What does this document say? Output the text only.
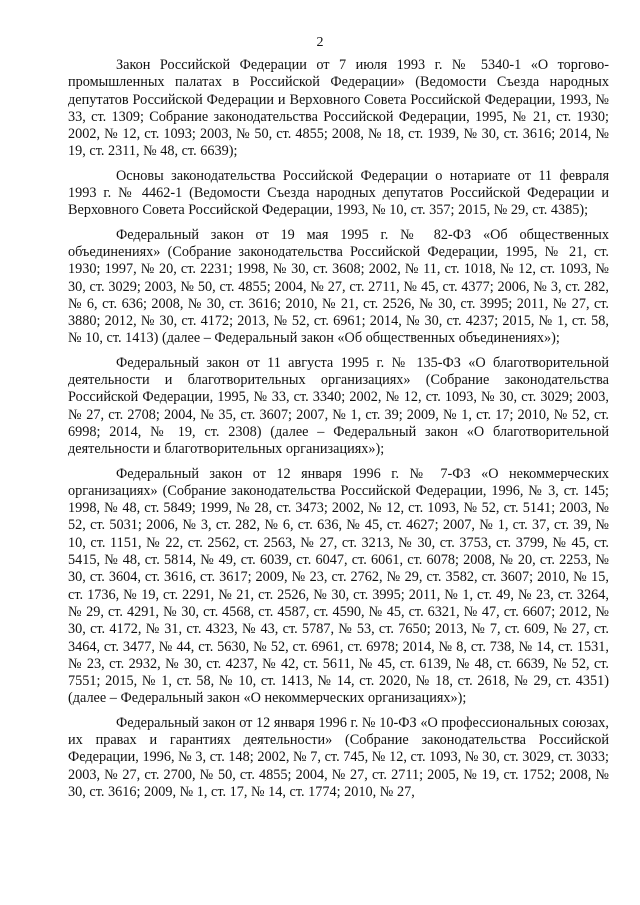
2

Закон Российской Федерации от 7 июля 1993 г. № 5340-1 «О торгово-промышленных палатах в Российской Федерации» (Ведомости Съезда народных депутатов Российской Федерации и Верховного Совета Российской Федерации, 1993, № 33, ст. 1309; Собрание законодательства Российской Федерации, 1995, № 21, ст. 1930; 2002, № 12, ст. 1093; 2003, № 50, ст. 4855; 2008, № 18, ст. 1939, № 30, ст. 3616; 2014, № 19, ст. 2311, № 48, ст. 6639);

Основы законодательства Российской Федерации о нотариате от 11 февраля 1993 г. № 4462-1 (Ведомости Съезда народных депутатов Российской Федерации и Верховного Совета Российской Федерации, 1993, № 10, ст. 357; 2015, № 29, ст. 4385);

Федеральный закон от 19 мая 1995 г. № 82-ФЗ «Об общественных объединениях» (Собрание законодательства Российской Федерации, 1995, № 21, ст. 1930; 1997, № 20, ст. 2231; 1998, № 30, ст. 3608; 2002, № 11, ст. 1018, № 12, ст. 1093, № 30, ст. 3029; 2003, № 50, ст. 4855; 2004, № 27, ст. 2711, № 45, ст. 4377; 2006, № 3, ст. 282, № 6, ст. 636; 2008, № 30, ст. 3616; 2010, № 21, ст. 2526, № 30, ст. 3995; 2011, № 27, ст. 3880; 2012, № 30, ст. 4172; 2013, № 52, ст. 6961; 2014, № 30, ст. 4237; 2015, № 1, ст. 58, № 10, ст. 1413) (далее – Федеральный закон «Об общественных объединениях»);

Федеральный закон от 11 августа 1995 г. № 135-ФЗ «О благотворительной деятельности и благотворительных организациях» (Собрание законодательства Российской Федерации, 1995, № 33, ст. 3340; 2002, № 12, ст. 1093, № 30, ст. 3029; 2003, № 27, ст. 2708; 2004, № 35, ст. 3607; 2007, № 1, ст. 39; 2009, № 1, ст. 17; 2010, № 52, ст. 6998; 2014, № 19, ст. 2308) (далее – Федеральный закон «О благотворительной деятельности и благотворительных организациях»);

Федеральный закон от 12 января 1996 г. № 7-ФЗ «О некоммерческих организациях» (Собрание законодательства Российской Федерации, 1996, № 3, ст. 145; 1998, № 48, ст. 5849; 1999, № 28, ст. 3473; 2002, № 12, ст. 1093, № 52, ст. 5141; 2003, № 52, ст. 5031; 2006, № 3, ст. 282, № 6, ст. 636, № 45, ст. 4627; 2007, № 1, ст. 37, ст. 39, № 10, ст. 1151, № 22, ст. 2562, ст. 2563, № 27, ст. 3213, № 30, ст. 3753, ст. 3799, № 45, ст. 5415, № 48, ст. 5814, № 49, ст. 6039, ст. 6047, ст. 6061, ст. 6078; 2008, № 20, ст. 2253, № 30, ст. 3604, ст. 3616, ст. 3617; 2009, № 23, ст. 2762, № 29, ст. 3582, ст. 3607; 2010, № 15, ст. 1736, № 19, ст. 2291, № 21, ст. 2526, № 30, ст. 3995; 2011, № 1, ст. 49, № 23, ст. 3264, № 29, ст. 4291, № 30, ст. 4568, ст. 4587, ст. 4590, № 45, ст. 6321, № 47, ст. 6607; 2012, № 30, ст. 4172, № 31, ст. 4323, № 43, ст. 5787, № 53, ст. 7650; 2013, № 7, ст. 609, № 27, ст. 3464, ст. 3477, № 44, ст. 5630, № 52, ст. 6961, ст. 6978; 2014, № 8, ст. 738, № 14, ст. 1531, № 23, ст. 2932, № 30, ст. 4237, № 42, ст. 5611, № 45, ст. 6139, № 48, ст. 6639, № 52, ст. 7551; 2015, № 1, ст. 58, № 10, ст. 1413, № 14, ст. 2020, № 18, ст. 2618, № 29, ст. 4351) (далее – Федеральный закон «О некоммерческих организациях»);

Федеральный закон от 12 января 1996 г. № 10-ФЗ «О профессиональных союзах, их правах и гарантиях деятельности» (Собрание законодательства Российской Федерации, 1996, № 3, ст. 148; 2002, № 7, ст. 745, № 12, ст. 1093, № 30, ст. 3029, ст. 3033; 2003, № 27, ст. 2700, № 50, ст. 4855; 2004, № 27, ст. 2711; 2005, № 19, ст. 1752; 2008, № 30, ст. 3616; 2009, № 1, ст. 17, № 14, ст. 1774; 2010, № 27,
